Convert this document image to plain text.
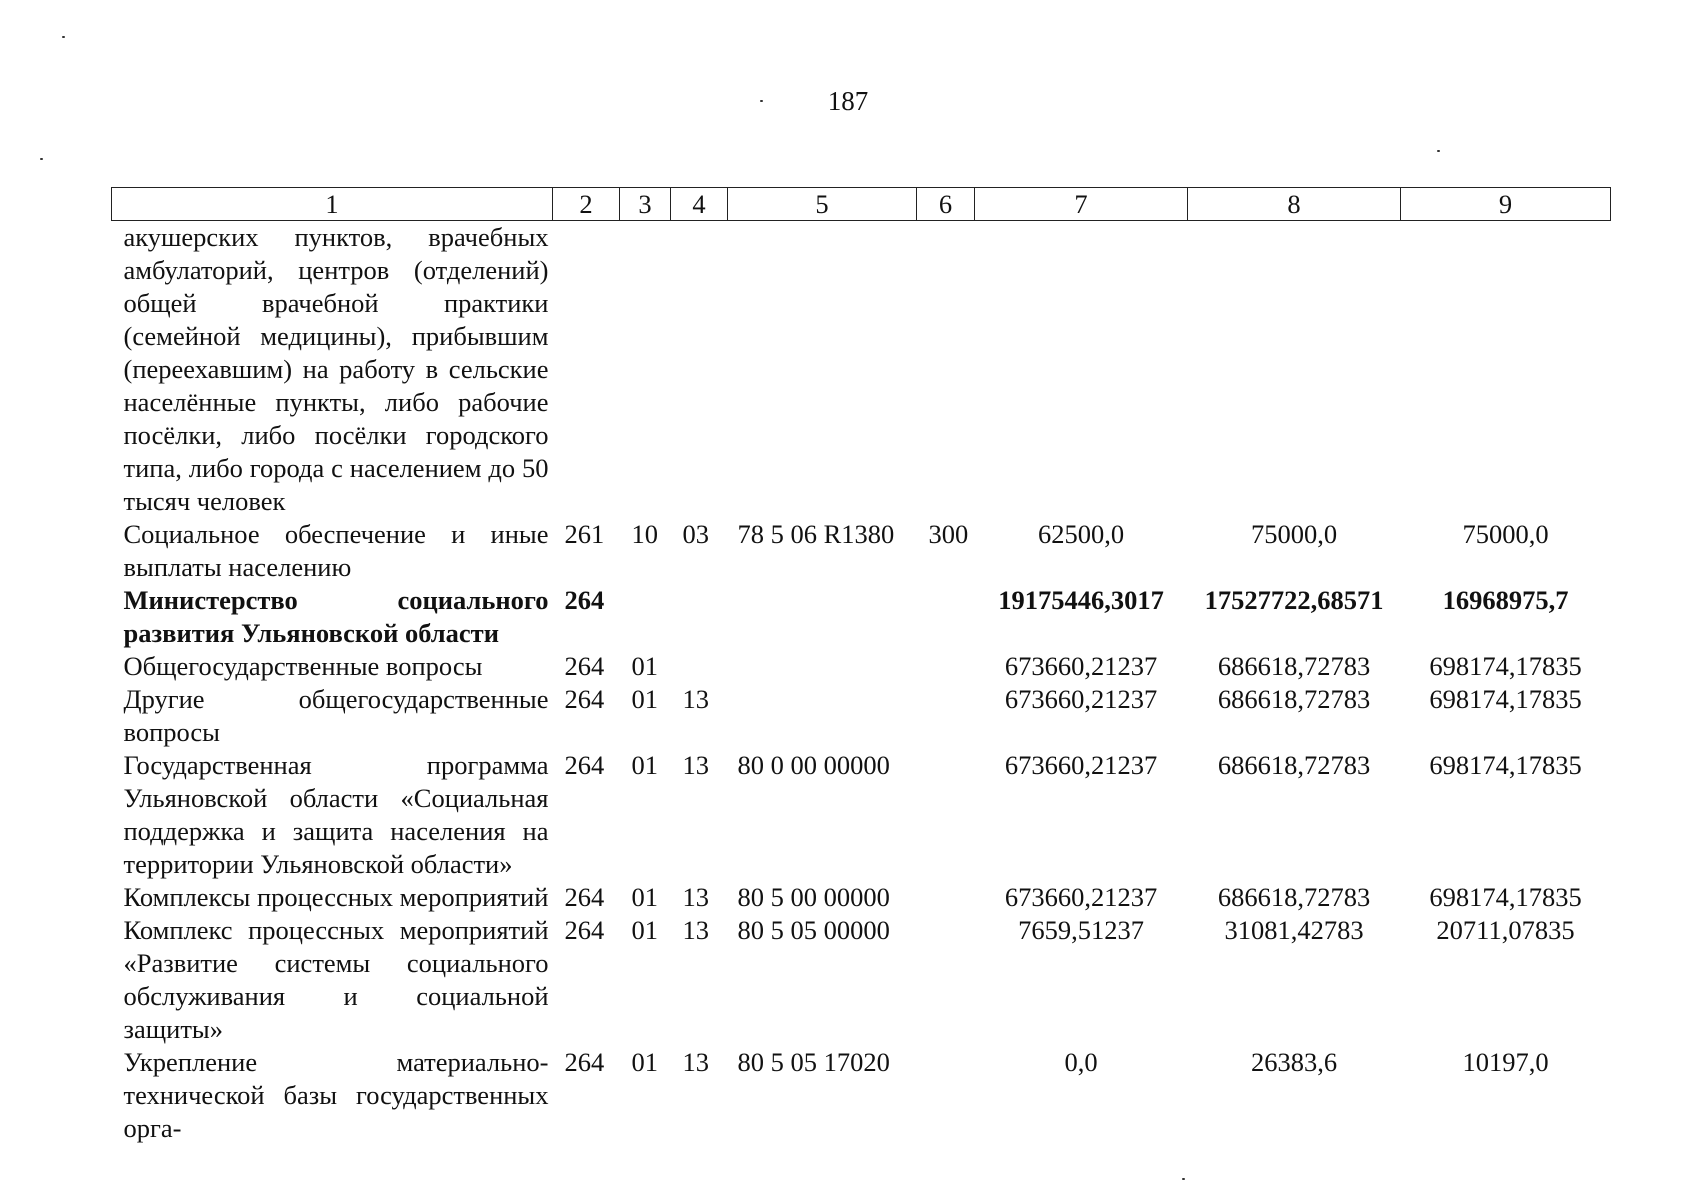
187
1	2	3	4	5	6	7	8	9
акушерских пунктов, врачебных амбулаторий, центров (отделений) общей врачебной практики (семейной медицины), прибывшим (переехавшим) на работу в сельские населённые пункты, либо рабочие посёлки, либо посёлки городского типа, либо города с населением до 50 тысяч человек								
Социальное обеспечение и иные выплаты населению	261	10	03	78 5 06 R1380	300	62500,0	75000,0	75000,0
Министерство социального развития Ульяновской области	264					19175446,3017	17527722,68571	16968975,7
Общегосударственные вопросы	264	01				673660,21237	686618,72783	698174,17835
Другие общегосударственные вопросы	264	01	13			673660,21237	686618,72783	698174,17835
Государственная программа Ульяновской области «Социальная поддержка и защита населения на территории Ульяновской области»	264	01	13	80 0 00 00000		673660,21237	686618,72783	698174,17835
Комплексы процессных мероприятий	264	01	13	80 5 00 00000		673660,21237	686618,72783	698174,17835
Комплекс процессных мероприятий «Развитие системы социального обслуживания и социальной защиты»	264	01	13	80 5 05 00000		7659,51237	31081,42783	20711,07835
Укрепление материально-технической базы государственных орга-	264	01	13	80 5 05 17020		0,0	26383,6	10197,0
